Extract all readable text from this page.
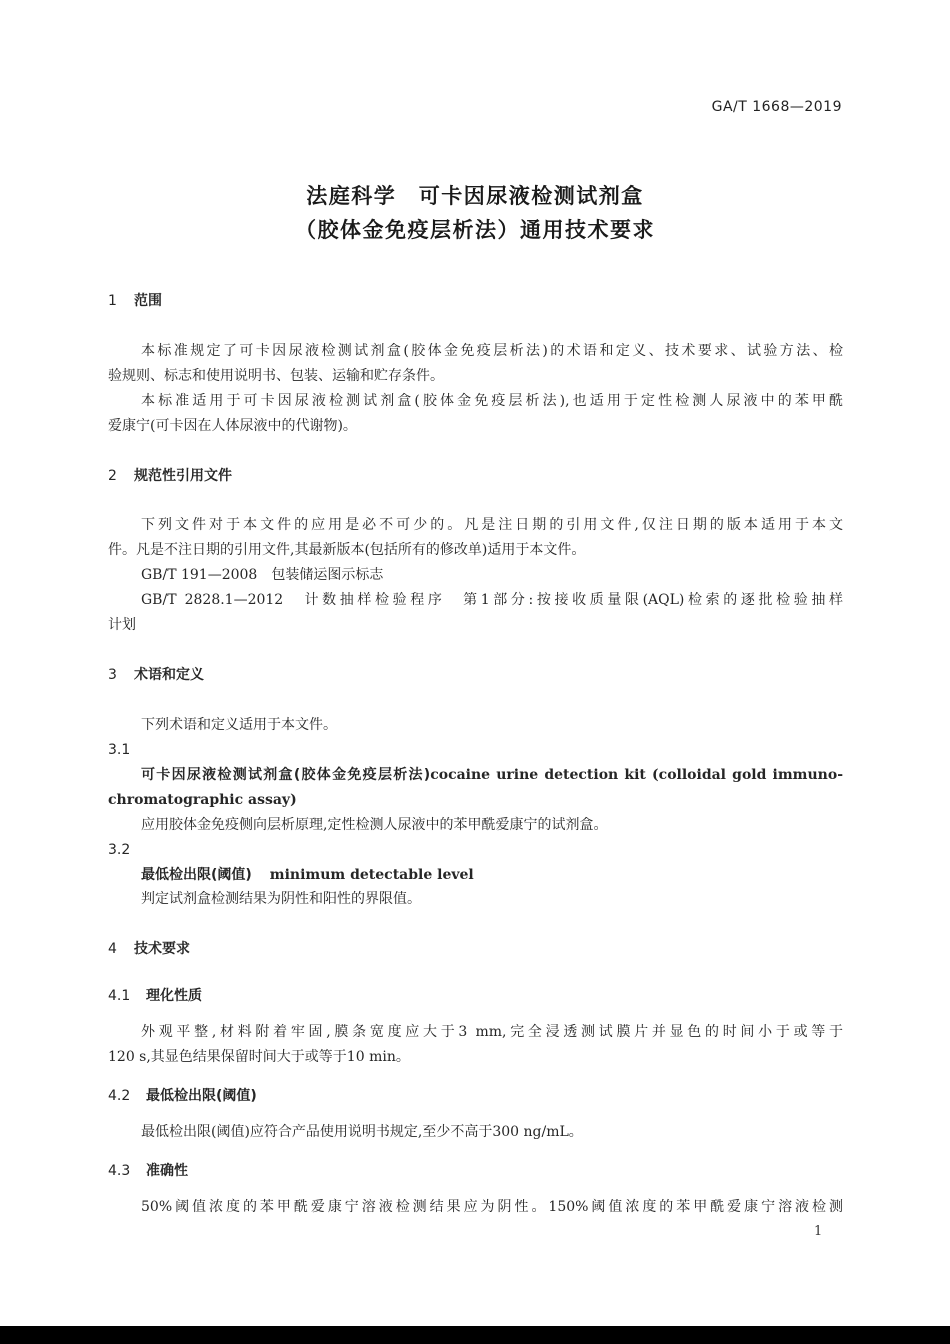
GA/T 1668—2019
法庭科学　可卡因尿液检测试剂盒
（胶体金免疫层析法）通用技术要求
1 范围
本标准规定了可卡因尿液检测试剂盒(胶体金免疫层析法)的术语和定义、技术要求、试验方法、检
验规则、标志和使用说明书、包装、运输和贮存条件。
本标准适用于可卡因尿液检测试剂盒(胶体金免疫层析法),也适用于定性检测人尿液中的苯甲酰
爱康宁(可卡因在人体尿液中的代谢物)。
2 规范性引用文件
下列文件对于本文件的应用是必不可少的。凡是注日期的引用文件,仅注日期的版本适用于本文
件。凡是不注日期的引用文件,其最新版本(包括所有的修改单)适用于本文件。
GB/T 191—2008　包装储运图示标志
GB/T 2828.1—2012　计数抽样检验程序　第1部分:按接收质量限(AQL)检索的逐批检验抽样
计划
3 术语和定义
下列术语和定义适用于本文件。
3.1
可卡因尿液检测试剂盒(胶体金免疫层析法)cocaine urine detection kit (colloidal gold immuno-
chromatographic assay)
应用胶体金免疫侧向层析原理,定性检测人尿液中的苯甲酰爱康宁的试剂盒。
3.2
最低检出限(阈值) minimum detectable level
判定试剂盒检测结果为阴性和阳性的界限值。
4 技术要求
4.1 理化性质
外观平整,材料附着牢固,膜条宽度应大于3 mm,完全浸透测试膜片并显色的时间小于或等于
120 s,其显色结果保留时间大于或等于10 min。
4.2 最低检出限(阈值)
最低检出限(阈值)应符合产品使用说明书规定,至少不高于300 ng/mL。
4.3 准确性
50%阈值浓度的苯甲酰爱康宁溶液检测结果应为阴性。150%阈值浓度的苯甲酰爱康宁溶液检测
1
